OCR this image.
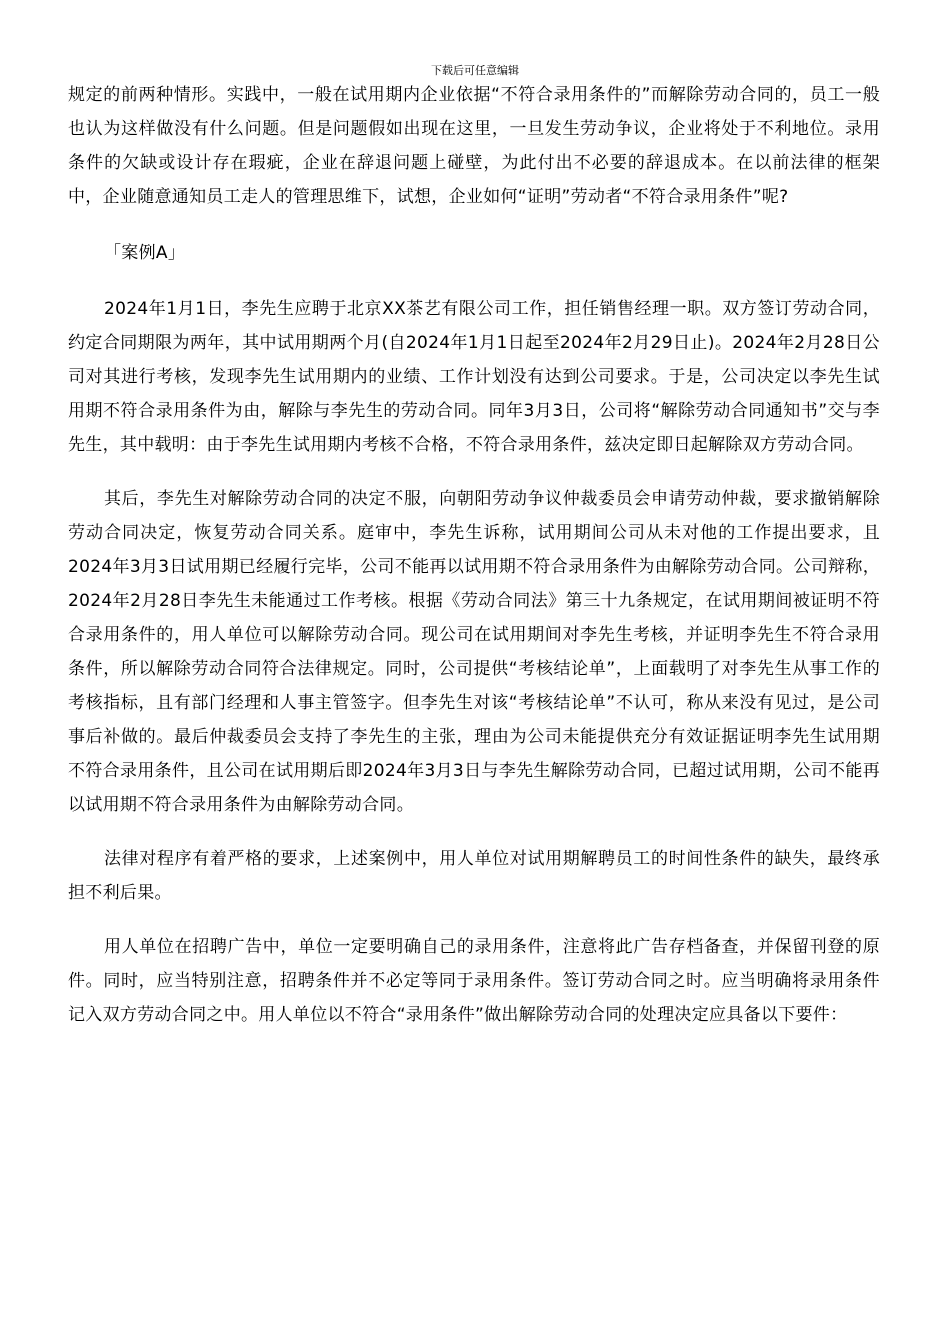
下载后可任意编辑

规定的前两种情形。实践中，一般在试用期内企业依据“不符合录用条件的”而解除劳动合同的，员工一般也认为这样做没有什么问题。但是问题假如出现在这里，一旦发生劳动争议，企业将处于不利地位。录用条件的欠缺或设计存在瑕疵，企业在辞退问题上碰壁，为此付出不必要的辞退成本。在以前法律的框架中，企业随意通知员工走人的管理思维下，试想，企业如何“证明”劳动者“不符合录用条件”呢?

「案例A」

2024年1月1日，李先生应聘于北京XX茶艺有限公司工作，担任销售经理一职。双方签订劳动合同，约定合同期限为两年，其中试用期两个月(自2024年1月1日起至2024年2月29日止)。2024年2月28日公司对其进行考核，发现李先生试用期内的业绩、工作计划没有达到公司要求。于是，公司决定以李先生试用期不符合录用条件为由，解除与李先生的劳动合同。同年3月3日，公司将“解除劳动合同通知书”交与李先生，其中载明：由于李先生试用期内考核不合格，不符合录用条件，兹决定即日起解除双方劳动合同。

其后，李先生对解除劳动合同的决定不服，向朝阳劳动争议仲裁委员会申请劳动仲裁，要求撤销解除劳动合同决定，恢复劳动合同关系。庭审中，李先生诉称，试用期间公司从未对他的工作提出要求，且2024年3月3日试用期已经履行完毕，公司不能再以试用期不符合录用条件为由解除劳动合同。公司辩称，2024年2月28日李先生未能通过工作考核。根据《劳动合同法》第三十九条规定，在试用期间被证明不符合录用条件的，用人单位可以解除劳动合同。现公司在试用期间对李先生考核，并证明李先生不符合录用条件，所以解除劳动合同符合法律规定。同时，公司提供“考核结论单”，上面载明了对李先生从事工作的考核指标，且有部门经理和人事主管签字。但李先生对该“考核结论单”不认可，称从来没有见过，是公司事后补做的。最后仲裁委员会支持了李先生的主张，理由为公司未能提供充分有效证据证明李先生试用期不符合录用条件，且公司在试用期后即2024年3月3日与李先生解除劳动合同，已超过试用期，公司不能再以试用期不符合录用条件为由解除劳动合同。

法律对程序有着严格的要求，上述案例中，用人单位对试用期解聘员工的时间性条件的缺失，最终承担不利后果。

用人单位在招聘广告中，单位一定要明确自己的录用条件，注意将此广告存档备查，并保留刊登的原件。同时，应当特别注意，招聘条件并不必定等同于录用条件。签订劳动合同之时。应当明确将录用条件记入双方劳动合同之中。用人单位以不符合“录用条件”做出解除劳动合同的处理决定应具备以下要件：
